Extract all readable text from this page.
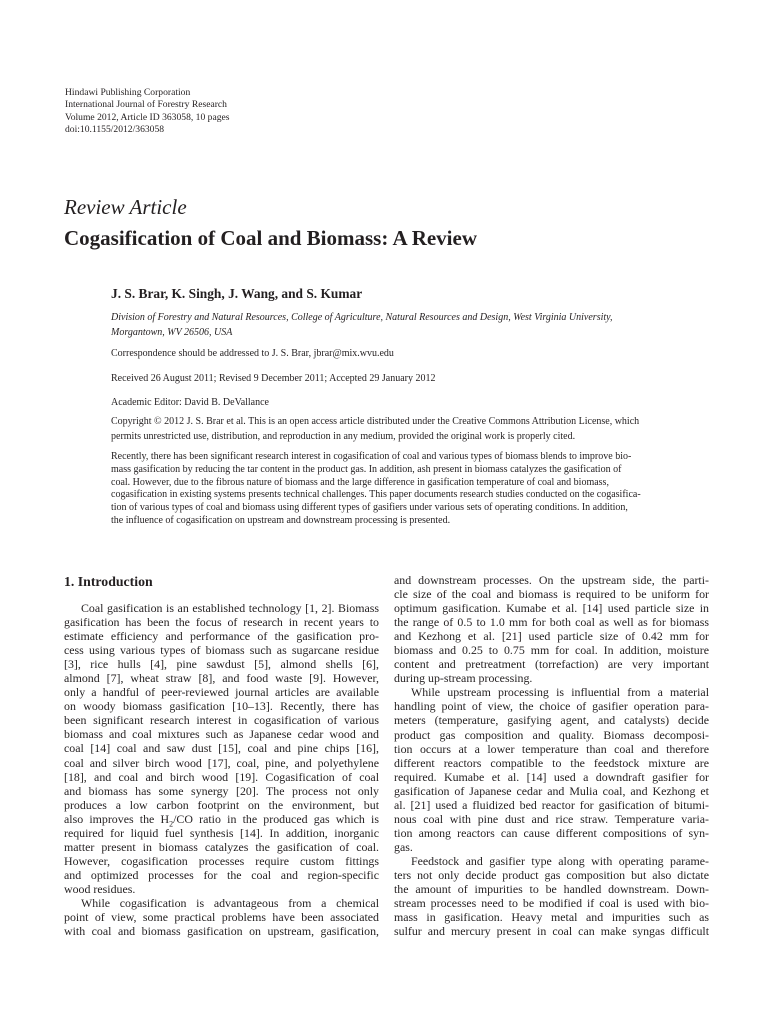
Hindawi Publishing Corporation
International Journal of Forestry Research
Volume 2012, Article ID 363058, 10 pages
doi:10.1155/2012/363058
Review Article
Cogasification of Coal and Biomass: A Review
J. S. Brar, K. Singh, J. Wang, and S. Kumar
Division of Forestry and Natural Resources, College of Agriculture, Natural Resources and Design, West Virginia University,
Morgantown, WV 26506, USA
Correspondence should be addressed to J. S. Brar, jbrar@mix.wvu.edu
Received 26 August 2011; Revised 9 December 2011; Accepted 29 January 2012
Academic Editor: David B. DeVallance
Copyright © 2012 J. S. Brar et al. This is an open access article distributed under the Creative Commons Attribution License, which
permits unrestricted use, distribution, and reproduction in any medium, provided the original work is properly cited.
Recently, there has been significant research interest in cogasification of coal and various types of biomass blends to improve bio-
mass gasification by reducing the tar content in the product gas. In addition, ash present in biomass catalyzes the gasification of
coal. However, due to the fibrous nature of biomass and the large difference in gasification temperature of coal and biomass,
cogasification in existing systems presents technical challenges. This paper documents research studies conducted on the cogasifica-
tion of various types of coal and biomass using different types of gasifiers under various sets of operating conditions. In addition,
the influence of cogasification on upstream and downstream processing is presented.
1. Introduction
Coal gasification is an established technology [1, 2]. Biomass
gasification has been the focus of research in recent years to
estimate efficiency and performance of the gasification pro-
cess using various types of biomass such as sugarcane residue
[3], rice hulls [4], pine sawdust [5], almond shells [6],
almond [7], wheat straw [8], and food waste [9]. However,
only a handful of peer-reviewed journal articles are available
on woody biomass gasification [10–13]. Recently, there has
been significant research interest in cogasification of various
biomass and coal mixtures such as Japanese cedar wood and
coal [14] coal and saw dust [15], coal and pine chips [16],
coal and silver birch wood [17], coal, pine, and polyethylene
[18], and coal and birch wood [19]. Cogasification of coal
and biomass has some synergy [20]. The process not only
produces a low carbon footprint on the environment, but
also improves the $H_2/CO$ ratio in the produced gas which is
required for liquid fuel synthesis [14]. In addition, inorganic
matter present in biomass catalyzes the gasification of coal.
However, cogasification processes require custom fittings
and optimized processes for the coal and region-specific
wood residues.
While cogasification is advantageous from a chemical
point of view, some practical problems have been associated
with coal and biomass gasification on upstream, gasification,
and downstream processes. On the upstream side, the parti-
cle size of the coal and biomass is required to be uniform for
optimum gasification. Kumabe et al. [14] used particle size in
the range of 0.5 to 1.0 mm for both coal as well as for biomass
and Kezhong et al. [21] used particle size of 0.42 mm for
biomass and 0.25 to 0.75 mm for coal. In addition, moisture
content and pretreatment (torrefaction) are very important
during up-stream processing.
While upstream processing is influential from a material
handling point of view, the choice of gasifier operation para-
meters (temperature, gasifying agent, and catalysts) decide
product gas composition and quality. Biomass decomposi-
tion occurs at a lower temperature than coal and therefore
different reactors compatible to the feedstock mixture are
required. Kumabe et al. [14] used a downdraft gasifier for
gasification of Japanese cedar and Mulia coal, and Kezhong et
al. [21] used a fluidized bed reactor for gasification of bitumi-
nous coal with pine dust and rice straw. Temperature varia-
tion among reactors can cause different compositions of syn-
gas.
Feedstock and gasifier type along with operating parame-
ters not only decide product gas composition but also dictate
the amount of impurities to be handled downstream. Down-
stream processes need to be modified if coal is used with bio-
mass in gasification. Heavy metal and impurities such as
sulfur and mercury present in coal can make syngas difficult
